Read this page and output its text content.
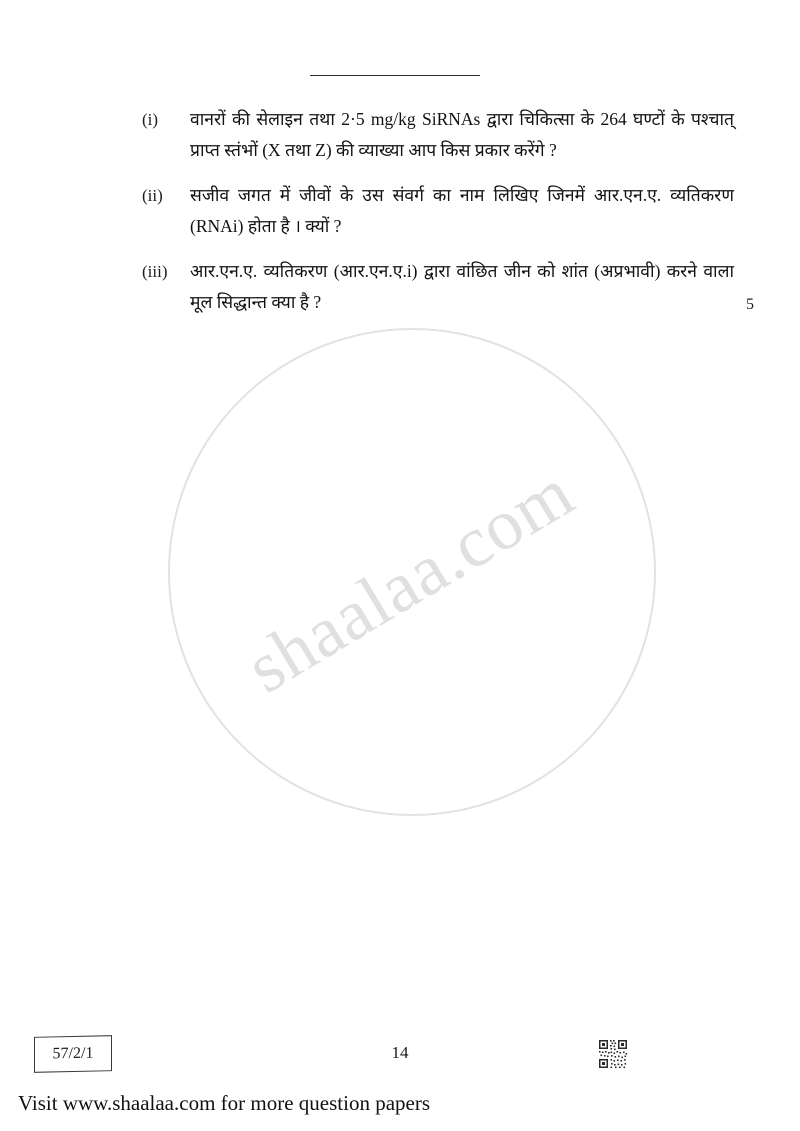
(i)	वानरों की सेलाइन तथा 2·5 mg/kg SiRNAs द्वारा चिकित्सा के 264 घण्टों के पश्चात् प्राप्त स्तंभों (X तथा Z) की व्याख्या आप किस प्रकार करेंगे ?
(ii)	सजीव जगत में जीवों के उस संवर्ग का नाम लिखिए जिनमें आर.एन.ए. व्यतिकरण (RNAi) होता है । क्यों ?
(iii)	आर.एन.ए. व्यतिकरण (आर.एन.ए.i) द्वारा वांछित जीन को शांत (अप्रभावी) करने वाला मूल सिद्धान्त क्या है ?	5
shaalaa.com
57/2/1	14
Visit www.shaalaa.com for more question papers
